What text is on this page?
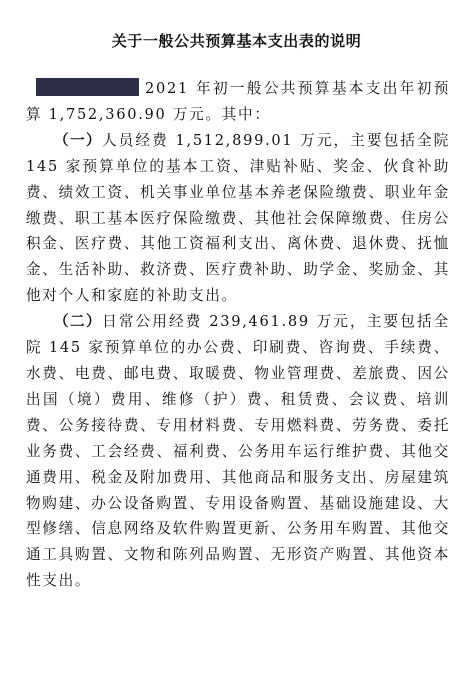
关于一般公共预算基本支出表的说明

2021 年初一般公共预算基本支出年初预算 1,752,360.90 万元。其中：

（一）人员经费 1,512,899.01 万元，主要包括全院 145 家预算单位的基本工资、津贴补贴、奖金、伙食补助费、绩效工资、机关事业单位基本养老保险缴费、职业年金缴费、职工基本医疗保险缴费、其他社会保障缴费、住房公积金、医疗费、其他工资福利支出、离休费、退休费、抚恤金、生活补助、救济费、医疗费补助、助学金、奖励金、其他对个人和家庭的补助支出。

（二）日常公用经费 239,461.89 万元，主要包括全院 145 家预算单位的办公费、印刷费、咨询费、手续费、水费、电费、邮电费、取暖费、物业管理费、差旅费、因公出国（境）费用、维修（护）费、租赁费、会议费、培训费、公务接待费、专用材料费、专用燃料费、劳务费、委托业务费、工会经费、福利费、公务用车运行维护费、其他交通费用、税金及附加费用、其他商品和服务支出、房屋建筑物购建、办公设备购置、专用设备购置、基础设施建设、大型修缮、信息网络及软件购置更新、公务用车购置、其他交通工具购置、文物和陈列品购置、无形资产购置、其他资本性支出。
